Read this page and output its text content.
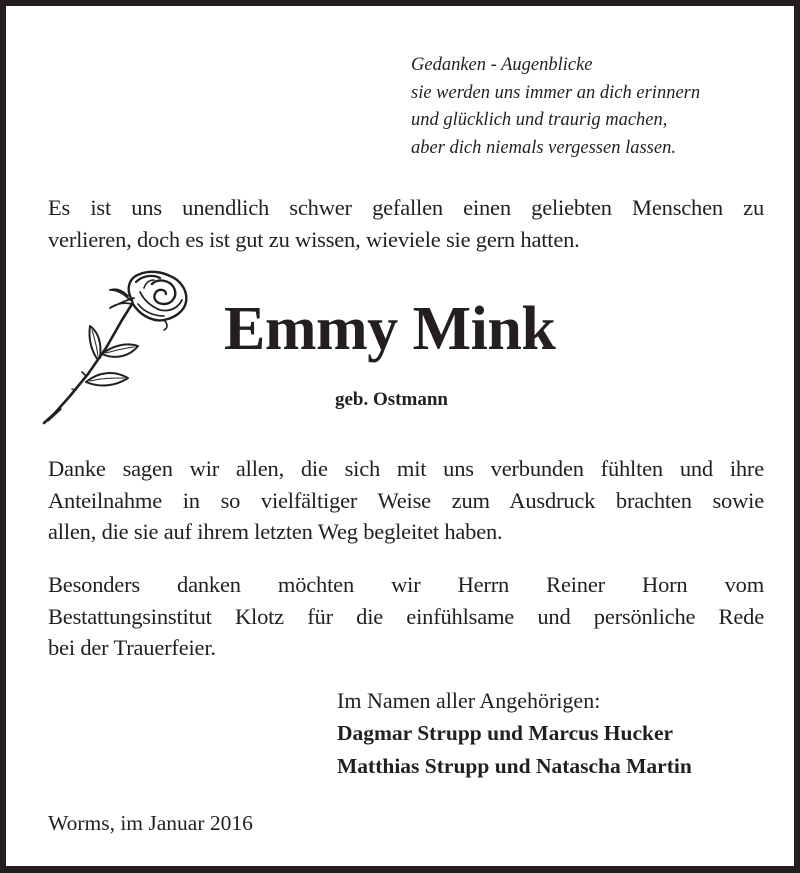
Gedanken - Augenblicke
sie werden uns immer an dich erinnern
und glücklich und traurig machen,
aber dich niemals vergessen lassen.
Es ist uns unendlich schwer gefallen einen geliebten Menschen zu
verlieren, doch es ist gut zu wissen, wieviele sie gern hatten.
Emmy Mink
geb. Ostmann
Danke sagen wir allen, die sich mit uns verbunden fühlten und ihre
Anteilnahme in so vielfältiger Weise zum Ausdruck brachten sowie
allen, die sie auf ihrem letzten Weg begleitet haben.
Besonders danken möchten wir Herrn Reiner Horn vom
Bestattungsinstitut Klotz für die einfühlsame und persönliche Rede
bei der Trauerfeier.
Im Namen aller Angehörigen:
Dagmar Strupp und Marcus Hucker
Matthias Strupp und Natascha Martin
Worms, im Januar 2016
